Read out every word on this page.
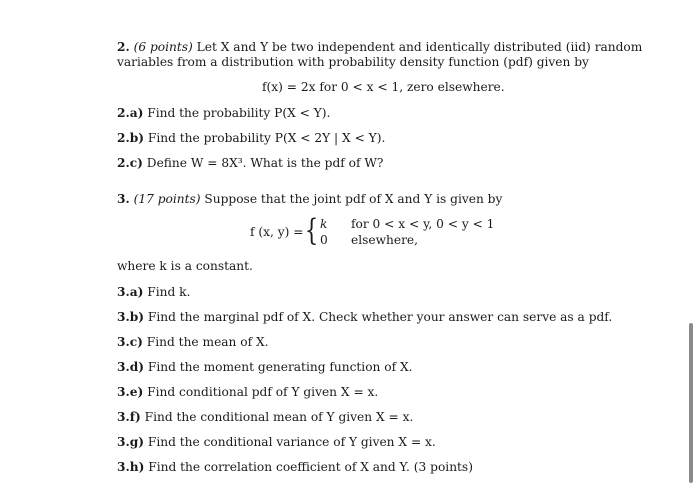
2. (6 points) Let X and Y be two independent and identically distributed (iid) random
variables from a distribution with probability density function (pdf) given by
f(x) = 2x for 0 < x < 1, zero elsewhere.
2.a) Find the probability P(X < Y).
2.b) Find the probability P(X < 2Y | X < Y).
2.c) Define W = 8X³. What is the pdf of W?
3. (17 points) Suppose that the joint pdf of X and Y is given by
f (x, y) = { k for 0 < x < y, 0 < y < 1
0 elsewhere,
where k is a constant.
3.a) Find k.
3.b) Find the marginal pdf of X. Check whether your answer can serve as a pdf.
3.c) Find the mean of X.
3.d) Find the moment generating function of X.
3.e) Find conditional pdf of Y given X = x.
3.f) Find the conditional mean of Y given X = x.
3.g) Find the conditional variance of Y given X = x.
3.h) Find the correlation coefficient of X and Y. (3 points)
